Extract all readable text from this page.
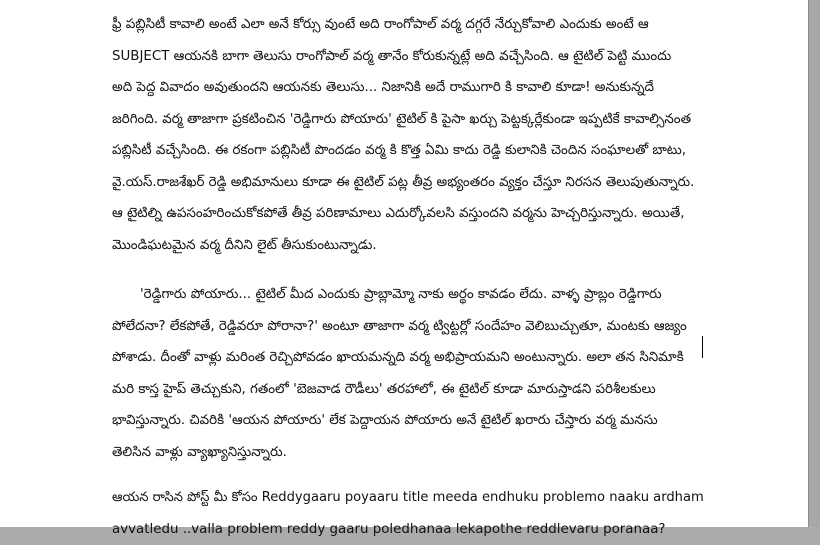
ఫ్రీ పబ్లిసిటీ కావాలి అంటే ఎలా అనే కోర్సు వుంటే అది రాంగోపాల్ వర్మ దగ్గరే నేర్చుకోవాలి ఎందుకు అంటే ఆ
SUBJECT ఆయనకి బాగా తెలుసు రాంగోపాల్ వర్మ తానేం కోరుకున్నట్లే అది వచ్చేసింది. ఆ టైటిల్ పెట్టి ముందు
అది పెద్ద వివాదం అవుతుందని ఆయనకు తెలుసు... నిజానికి అదే రాముగారి కి కావాలి కూడా! అనుకున్నదే
జరిగింది. వర్మ తాజాగా ప్రకటించిన 'రెడ్డిగారు పోయారు' టైటిల్ కి పైసా ఖర్చు పెట్టక్కర్లేకుండా ఇప్పటికే కావాల్సినంత
పబ్లిసిటీ వచ్చేసింది. ఈ రకంగా పబ్లిసిటీ పొందడం వర్మ కి కొత్త ఏమి కాదు రెడ్డి కులానికి చెందిన సంఘాలతో బాటు,
వై.యస్.రాజశేఖర్ రెడ్డి అభిమానులు కూడా ఈ టైటిల్ పట్ల తీవ్ర అభ్యంతరం వ్యక్తం చేస్తూ నిరసన తెలుపుతున్నారు.
ఆ టైటిల్ని ఉపసంహరించుకోకపోతే తీవ్ర పరిణామాలు ఎదుర్కోవలసి వస్తుందని వర్మను హెచ్చరిస్తున్నారు. అయితే,
మొండిఘటమైన వర్మ దీనిని లైట్ తీసుకుంటున్నాడు.
'రెడ్డిగారు పోయారు... టైటిల్ మీద ఎందుకు ప్రాబ్లామ్మో నాకు అర్థం కావడం లేదు. వాళ్ళ ప్రాబ్లం రెడ్డిగారు
పోలేదనా? లేకపోతే, రెడ్డివరూ పోరానా?' అంటూ తాజాగా వర్మ ట్విట్టర్లో సందేహం వెలిబుచ్చుతూ, మంటకు ఆజ్యం
పోశాడు. దీంతో వాళ్లు మరింత రెచ్చిపోవడం ఖాయమన్నది వర్మ అభిప్రాయమని అంటున్నారు. అలా తన సినిమాకి
మరి కాస్త హైప్ తెచ్చుకుని, గతంలో 'బెజవాడ రౌడీలు' తరహాలో, ఈ టైటిల్ కూడా మారుస్తాడని పరిశీలకులు
భావిస్తున్నారు. చివరికి 'ఆయన పోయారు' లేక పెద్దాయన పోయారు అనే టైటిల్ ఖరారు చేస్తారు వర్మ మనసు
తెలిసిన వాళ్లు వ్యాఖ్యానిస్తున్నారు.
ఆయన రాసిన పోస్ట్ మీ కోసం Reddygaaru poyaaru title meeda endhuku problemo naaku ardham
avvatledu ..valla problem reddy gaaru poledhanaa lekapothe reddlevaru poranaa?
